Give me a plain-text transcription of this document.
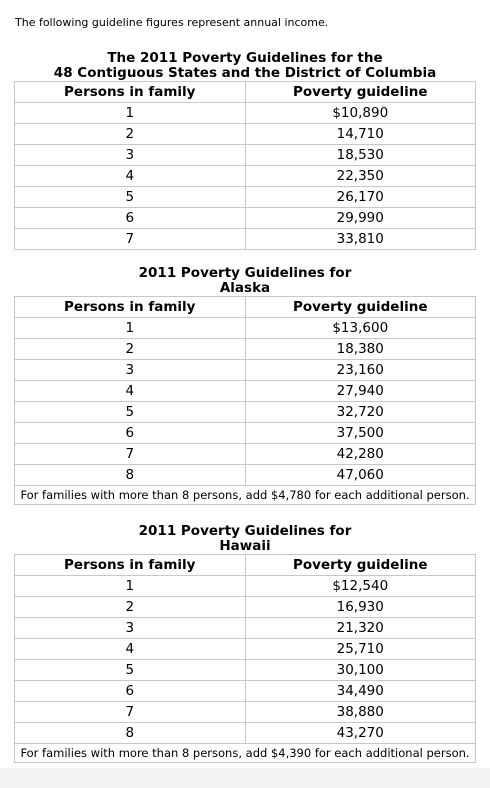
The following guideline figures represent annual income.
The 2011 Poverty Guidelines for the
48 Contiguous States and the District of Columbia
Persons in family	Poverty guideline
1	$10,890
2	14,710
3	18,530
4	22,350
5	26,170
6	29,990
7	33,810
2011 Poverty Guidelines for
Alaska
Persons in family	Poverty guideline
1	$13,600
2	18,380
3	23,160
4	27,940
5	32,720
6	37,500
7	42,280
8	47,060
For families with more than 8 persons, add $4,780 for each additional person.	
2011 Poverty Guidelines for
Hawaii
Persons in family	Poverty guideline
1	$12,540
2	16,930
3	21,320
4	25,710
5	30,100
6	34,490
7	38,880
8	43,270
For families with more than 8 persons, add $4,390 for each additional person.	
